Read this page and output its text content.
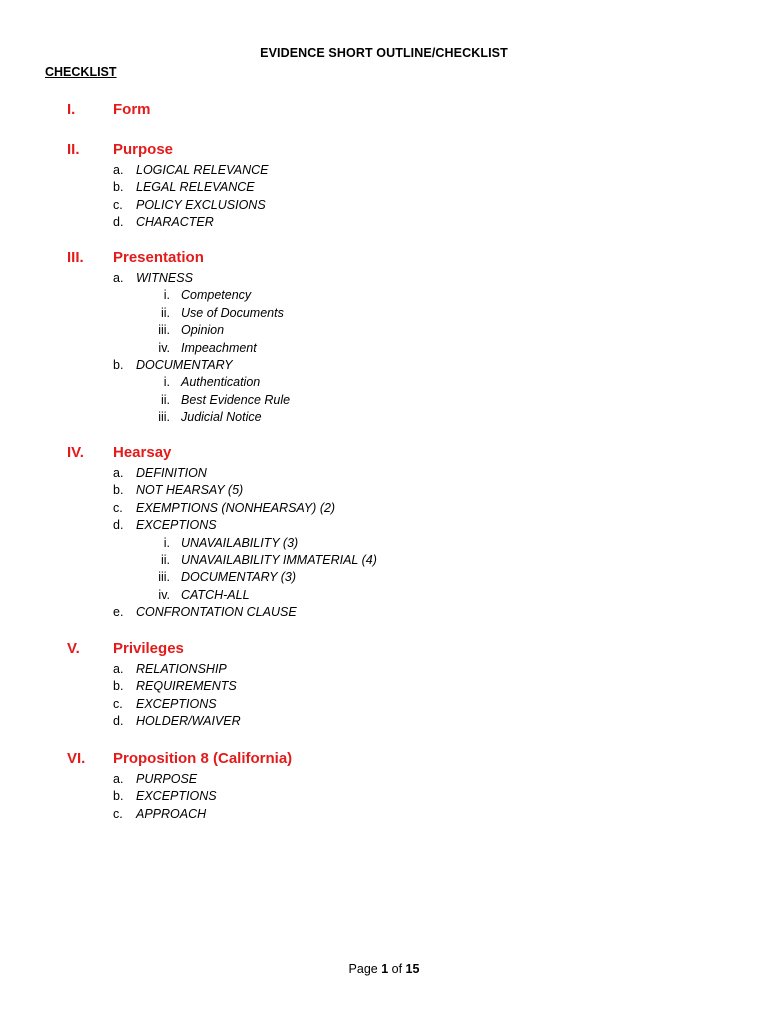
EVIDENCE SHORT OUTLINE/CHECKLIST
CHECKLIST
I.	Form
II. Purpose
a. LOGICAL RELEVANCE
b. LEGAL RELEVANCE
c. POLICY EXCLUSIONS
d. CHARACTER
III. Presentation
a. WITNESS
i. Competency
ii. Use of Documents
iii. Opinion
iv. Impeachment
b. DOCUMENTARY
i. Authentication
ii. Best Evidence Rule
iii. Judicial Notice
IV. Hearsay
a. DEFINITION
b. NOT HEARSAY (5)
c. EXEMPTIONS (NONHEARSAY) (2)
d. EXCEPTIONS
i. UNAVAILABILITY (3)
ii. UNAVAILABILITY IMMATERIAL (4)
iii. DOCUMENTARY (3)
iv. CATCH-ALL
e. CONFRONTATION CLAUSE
V. Privileges
a. RELATIONSHIP
b. REQUIREMENTS
c. EXCEPTIONS
d. HOLDER/WAIVER
VI. Proposition 8 (California)
a. PURPOSE
b. EXCEPTIONS
c. APPROACH
Page 1 of 15
